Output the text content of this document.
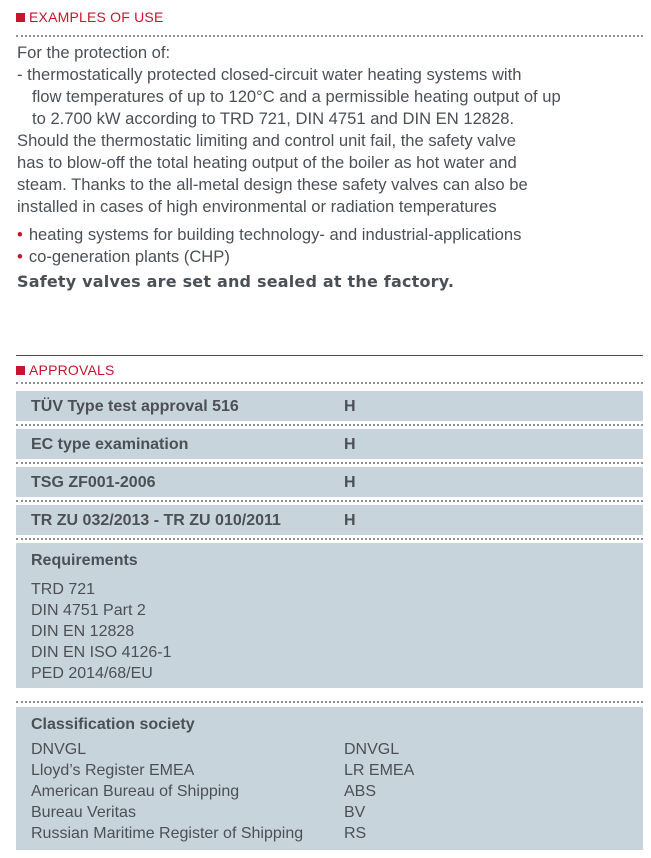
EXAMPLES OF USE
For the protection of:
- thermostatically protected closed-circuit water heating systems with
flow temperatures of up to 120°C and a permissible heating output of up
to 2.700 kW according to TRD 721, DIN 4751 and DIN EN 12828.
Should the thermostatic limiting and control unit fail, the safety valve
has to blow-off the total heating output of the boiler as hot water and
steam. Thanks to the all-metal design these safety valves can also be
installed in cases of high environmental or radiation temperatures
• heating systems for building technology- and industrial-applications
• co-generation plants (CHP)
Safety valves are set and sealed at the factory.
APPROVALS
TÜV Type test approval 516	H
EC type examination	H
TSG ZF001-2006	H
TR ZU 032/2013 - TR ZU 010/2011	H
Requirements
TRD 721
DIN 4751 Part 2
DIN EN 12828
DIN EN ISO 4126-1
PED 2014/68/EU
Classification society
DNVGL	DNVGL
Lloyd’s Register EMEA	LR EMEA
American Bureau of Shipping	ABS
Bureau Veritas	BV
Russian Maritime Register of Shipping	RS
